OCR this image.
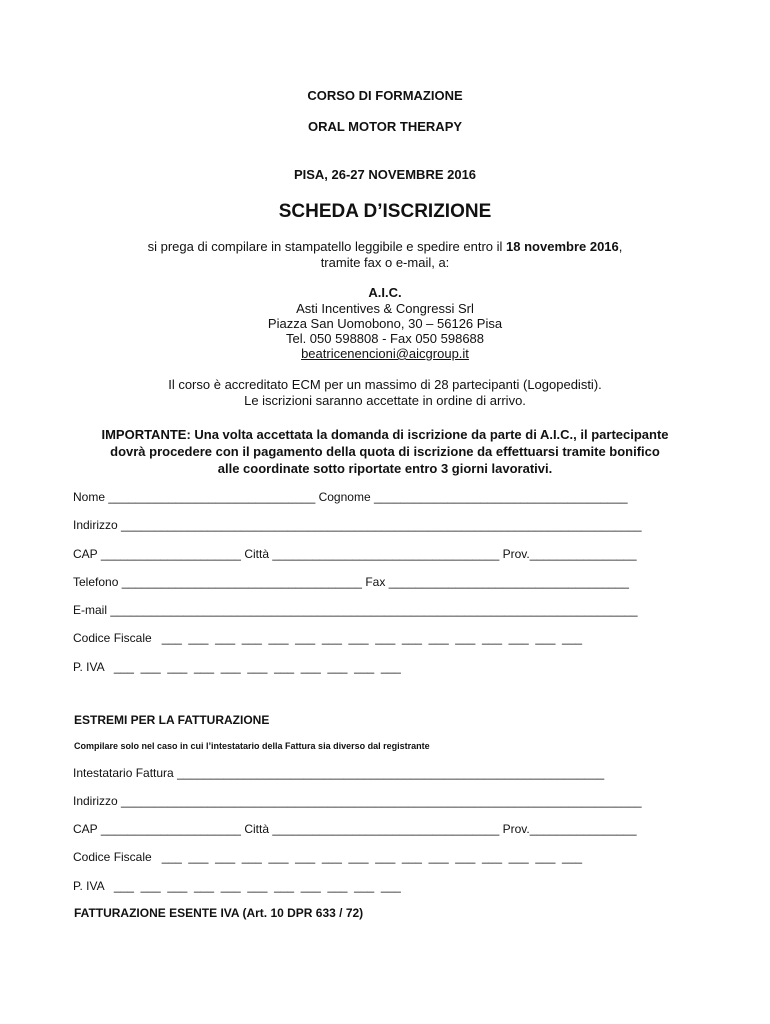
CORSO DI FORMAZIONE
ORAL MOTOR THERAPY
PISA, 26-27 NOVEMBRE 2016
SCHEDA D’ISCRIZIONE
si prega di compilare in stampatello leggibile e spedire entro il 18 novembre 2016,
tramite fax o e-mail, a:
A.I.C.
Asti Incentives & Congressi Srl
Piazza San Uomobono, 30 – 56126 Pisa
Tel. 050 598808 - Fax 050 598688
beatricenencioni@aicgroup.it
Il corso è accreditato ECM per un massimo di 28 partecipanti (Logopedisti).
Le iscrizioni saranno accettate in ordine di arrivo.
IMPORTANTE: Una volta accettata la domanda di iscrizione da parte di A.I.C., il partecipante
dovrà procedere con il pagamento della quota di iscrizione da effettuarsi tramite bonifico
alle coordinate sotto riportate entro 3 giorni lavorativi.
Nome _______________________________ Cognome ______________________________________
Indirizzo ______________________________________________________________________________
CAP _____________________ Città __________________________________ Prov.________________
Telefono ____________________________________ Fax ____________________________________
E-mail _______________________________________________________________________________
Codice Fiscale   ___  ___  ___  ___  ___  ___  ___  ___  ___  ___  ___  ___  ___  ___  ___  ___
P. IVA   ___  ___  ___  ___  ___  ___  ___  ___  ___  ___  ___
ESTREMI PER LA FATTURAZIONE
Compilare solo nel caso in cui l’intestatario della Fattura sia diverso dal registrante
Intestatario Fattura ________________________________________________________________
Indirizzo ______________________________________________________________________________
CAP _____________________ Città __________________________________ Prov.________________
Codice Fiscale   ___  ___  ___  ___  ___  ___  ___  ___  ___  ___  ___  ___  ___  ___  ___  ___
P. IVA   ___  ___  ___  ___  ___  ___  ___  ___  ___  ___  ___
FATTURAZIONE ESENTE IVA (Art. 10 DPR 633 / 72)
